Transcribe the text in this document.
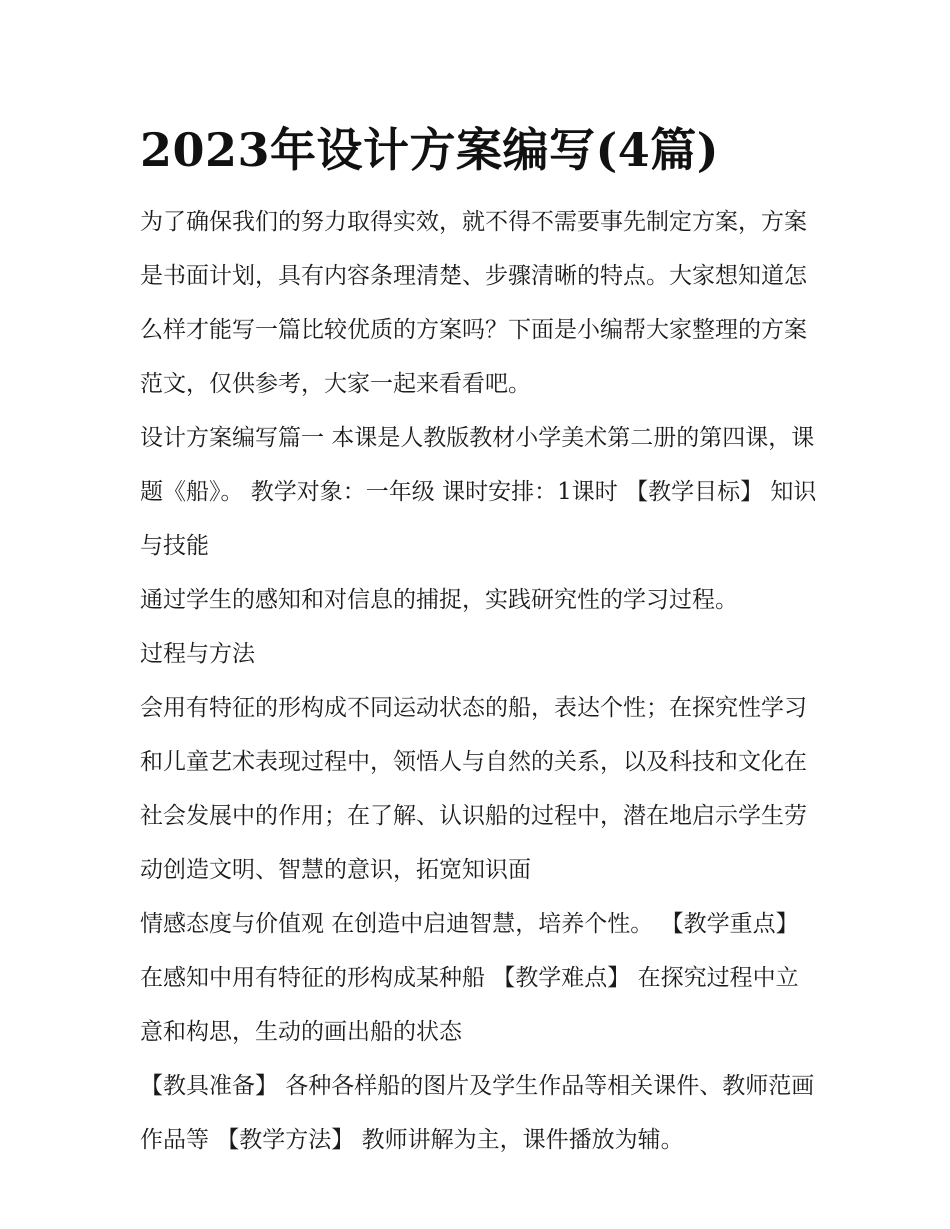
2023年设计方案编写(4篇)

为了确保我们的努力取得实效，就不得不需要事先制定方案，方案是书面计划，具有内容条理清楚、步骤清晰的特点。大家想知道怎么样才能写一篇比较优质的方案吗？下面是小编帮大家整理的方案范文，仅供参考，大家一起来看看吧。

设计方案编写篇一 本课是人教版教材小学美术第二册的第四课，课题《船》。 教学对象：一年级 课时安排：1课时 【教学目标】 知识与技能

通过学生的感知和对信息的捕捉，实践研究性的学习过程。

过程与方法

会用有特征的形构成不同运动状态的船，表达个性；在探究性学习和儿童艺术表现过程中，领悟人与自然的关系，以及科技和文化在社会发展中的作用；在了解、认识船的过程中，潜在地启示学生劳动创造文明、智慧的意识，拓宽知识面

情感态度与价值观 在创造中启迪智慧，培养个性。 【教学重点】 在感知中用有特征的形构成某种船 【教学难点】 在探究过程中立意和构思，生动的画出船的状态

【教具准备】 各种各样船的图片及学生作品等相关课件、教师范画作品等 【教学方法】 教师讲解为主，课件播放为辅。
